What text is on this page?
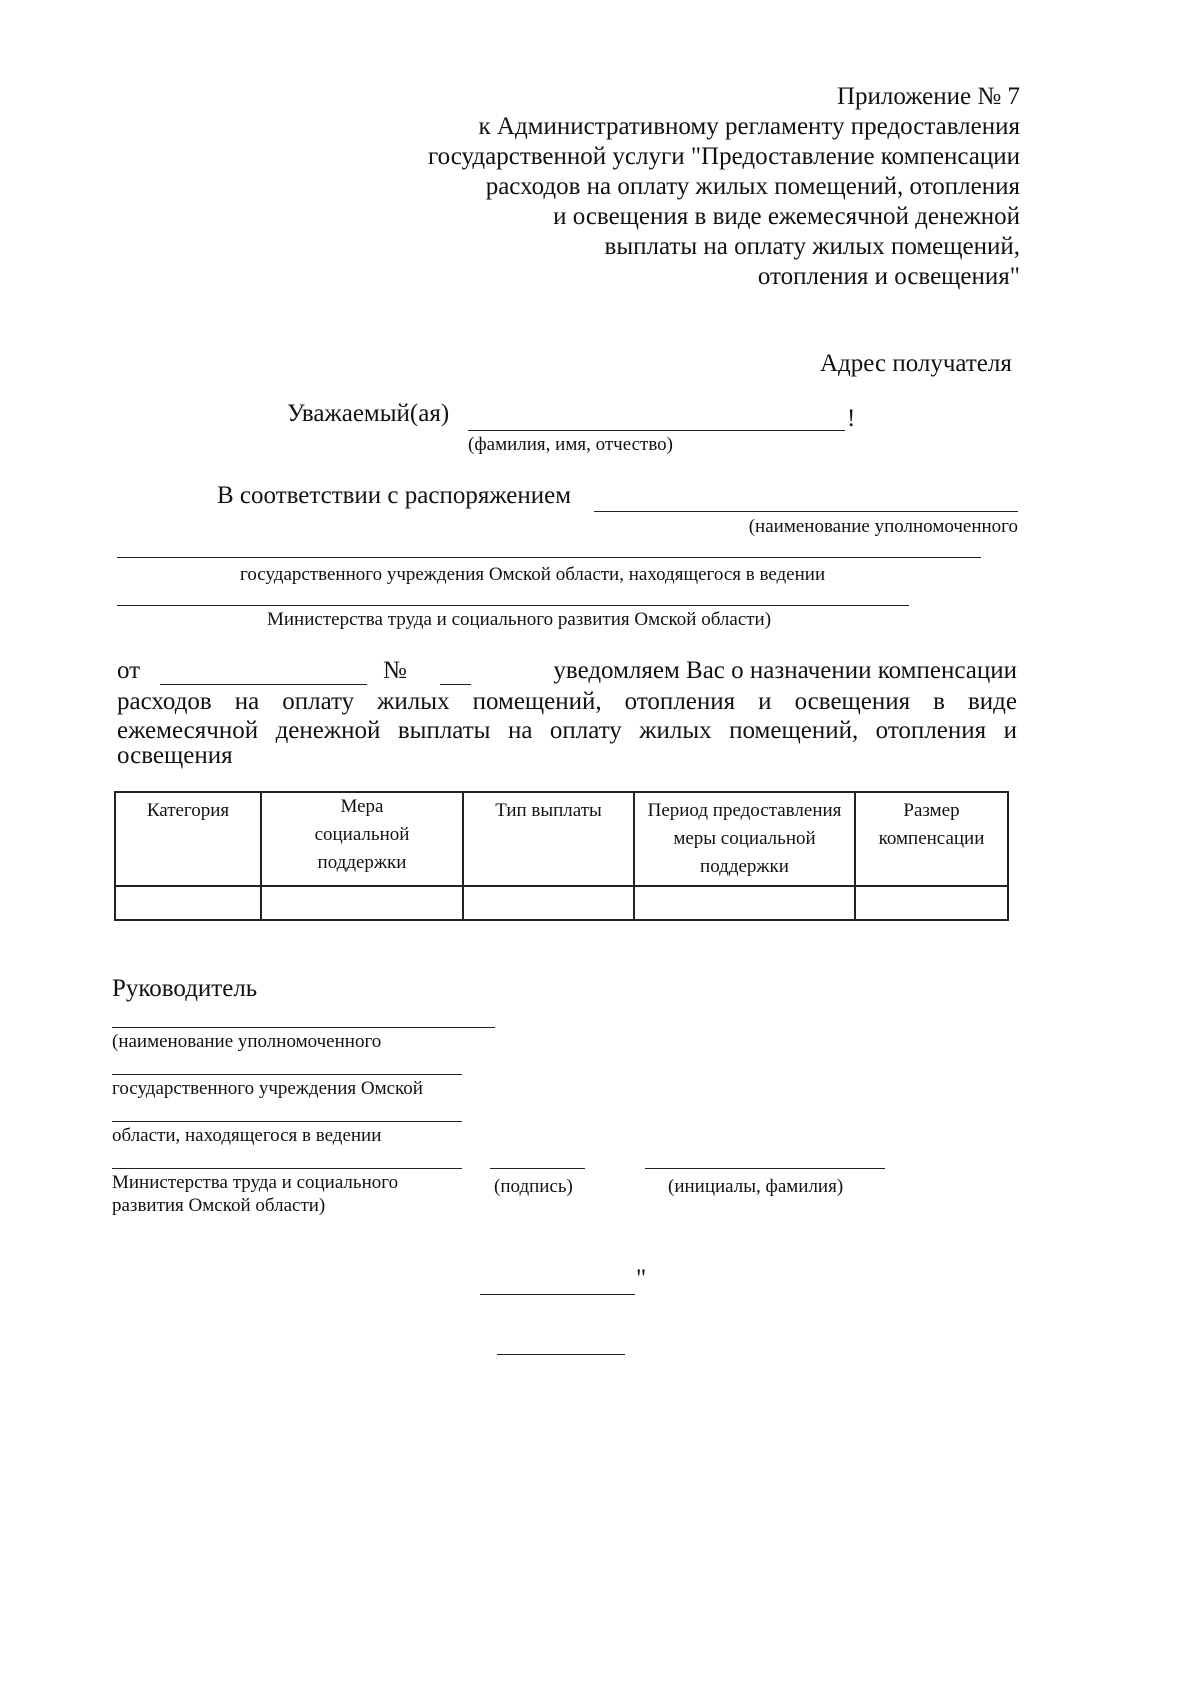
Приложение № 7
к Административному регламенту предоставления
государственной услуги "Предоставление компенсации
расходов на оплату жилых помещений, отопления
и освещения в виде ежемесячной денежной
выплаты на оплату жилых помещений,
отопления и освещения"
Адрес получателя
Уважаемый(ая)	!
(фамилия, имя, отчество)
В соответствии с распоряжением
(наименование уполномоченного
государственного учреждения Омской области, находящегося в ведении
Министерства труда и социального развития Омской области)
от	№	уведомляем Вас о назначении компенсации
расходов на оплату жилых помещений, отопления и освещения в виде
ежемесячной денежной выплаты на оплату жилых помещений, отопления и
освещения
Категория	Мера социальной поддержки	Тип выплаты	Период предоставления меры социальной поддержки	Размер компенсации

Руководитель
(наименование уполномоченного
государственного учреждения Омской
области, находящегося в ведении
Министерства труда и социального
развития Омской области)
(подпись)	(инициалы, фамилия)
"
